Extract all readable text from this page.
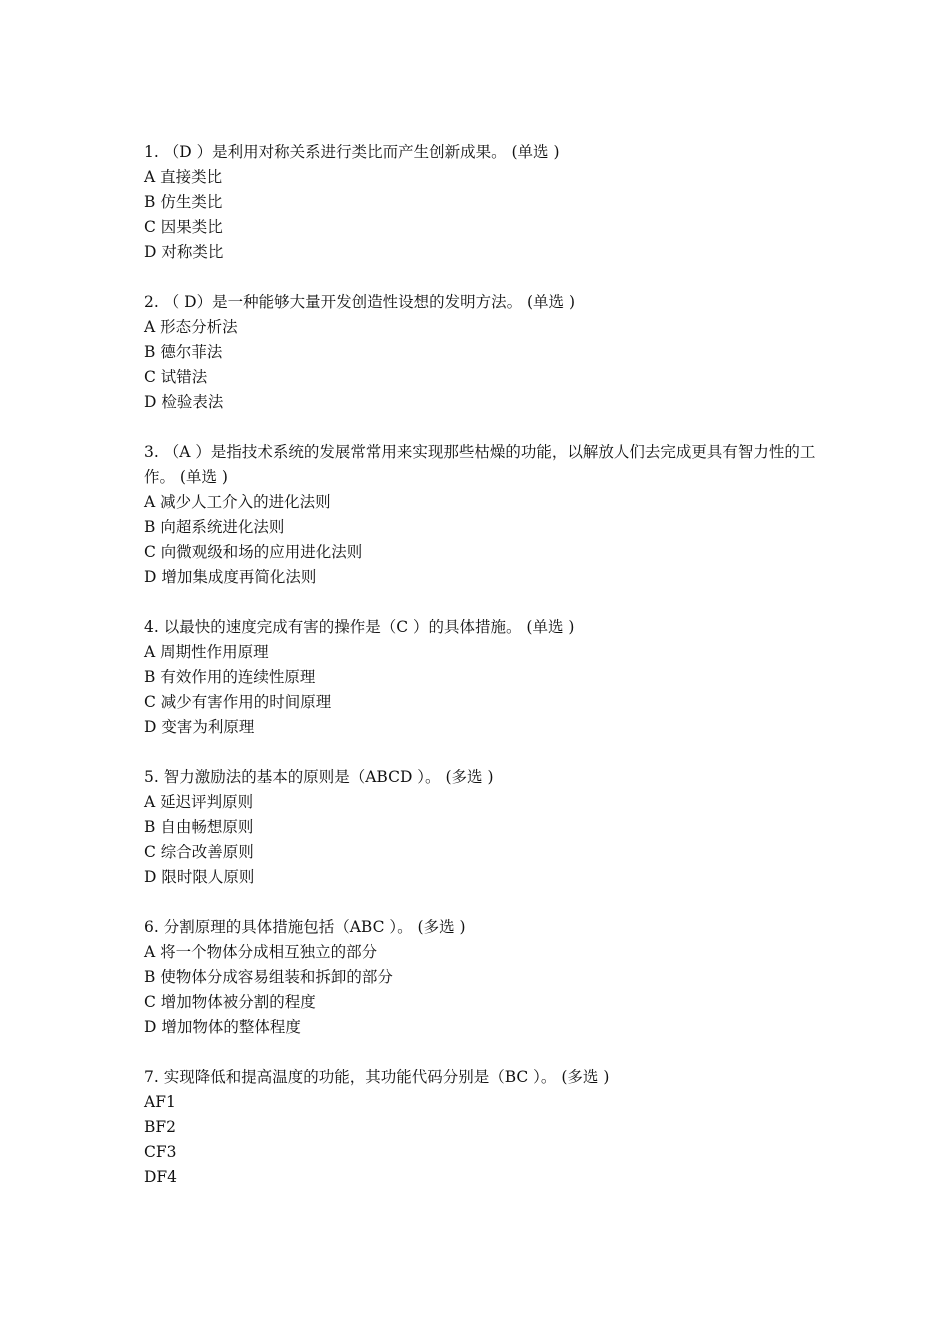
1. （D ）是利用对称关系进行类比而产生创新成果。 (单选 )

A 直接类比

B 仿生类比

C 因果类比

D 对称类比

2. （ D）是一种能够大量开发创造性设想的发明方法。 (单选 )

A 形态分析法

B 德尔菲法

C 试错法

D 检验表法

3. （A ）是指技术系统的发展常常用来实现那些枯燥的功能，以解放人们去完成更具有智力性的工作。 (单选 )

A 减少人工介入的进化法则

B 向超系统进化法则

C 向微观级和场的应用进化法则

D 增加集成度再简化法则

4. 以最快的速度完成有害的操作是（C ）的具体措施。 (单选 )

A 周期性作用原理

B 有效作用的连续性原理

C 减少有害作用的时间原理

D 变害为利原理

5. 智力激励法的基本的原则是（ABCD ）。 (多选 )

A 延迟评判原则

B 自由畅想原则

C 综合改善原则

D 限时限人原则

6. 分割原理的具体措施包括（ABC ）。 (多选 )

A 将一个物体分成相互独立的部分

B 使物体分成容易组装和拆卸的部分

C 增加物体被分割的程度

D 增加物体的整体程度

7. 实现降低和提高温度的功能，其功能代码分别是（BC ）。 (多选 )

AF1

BF2

CF3

DF4
